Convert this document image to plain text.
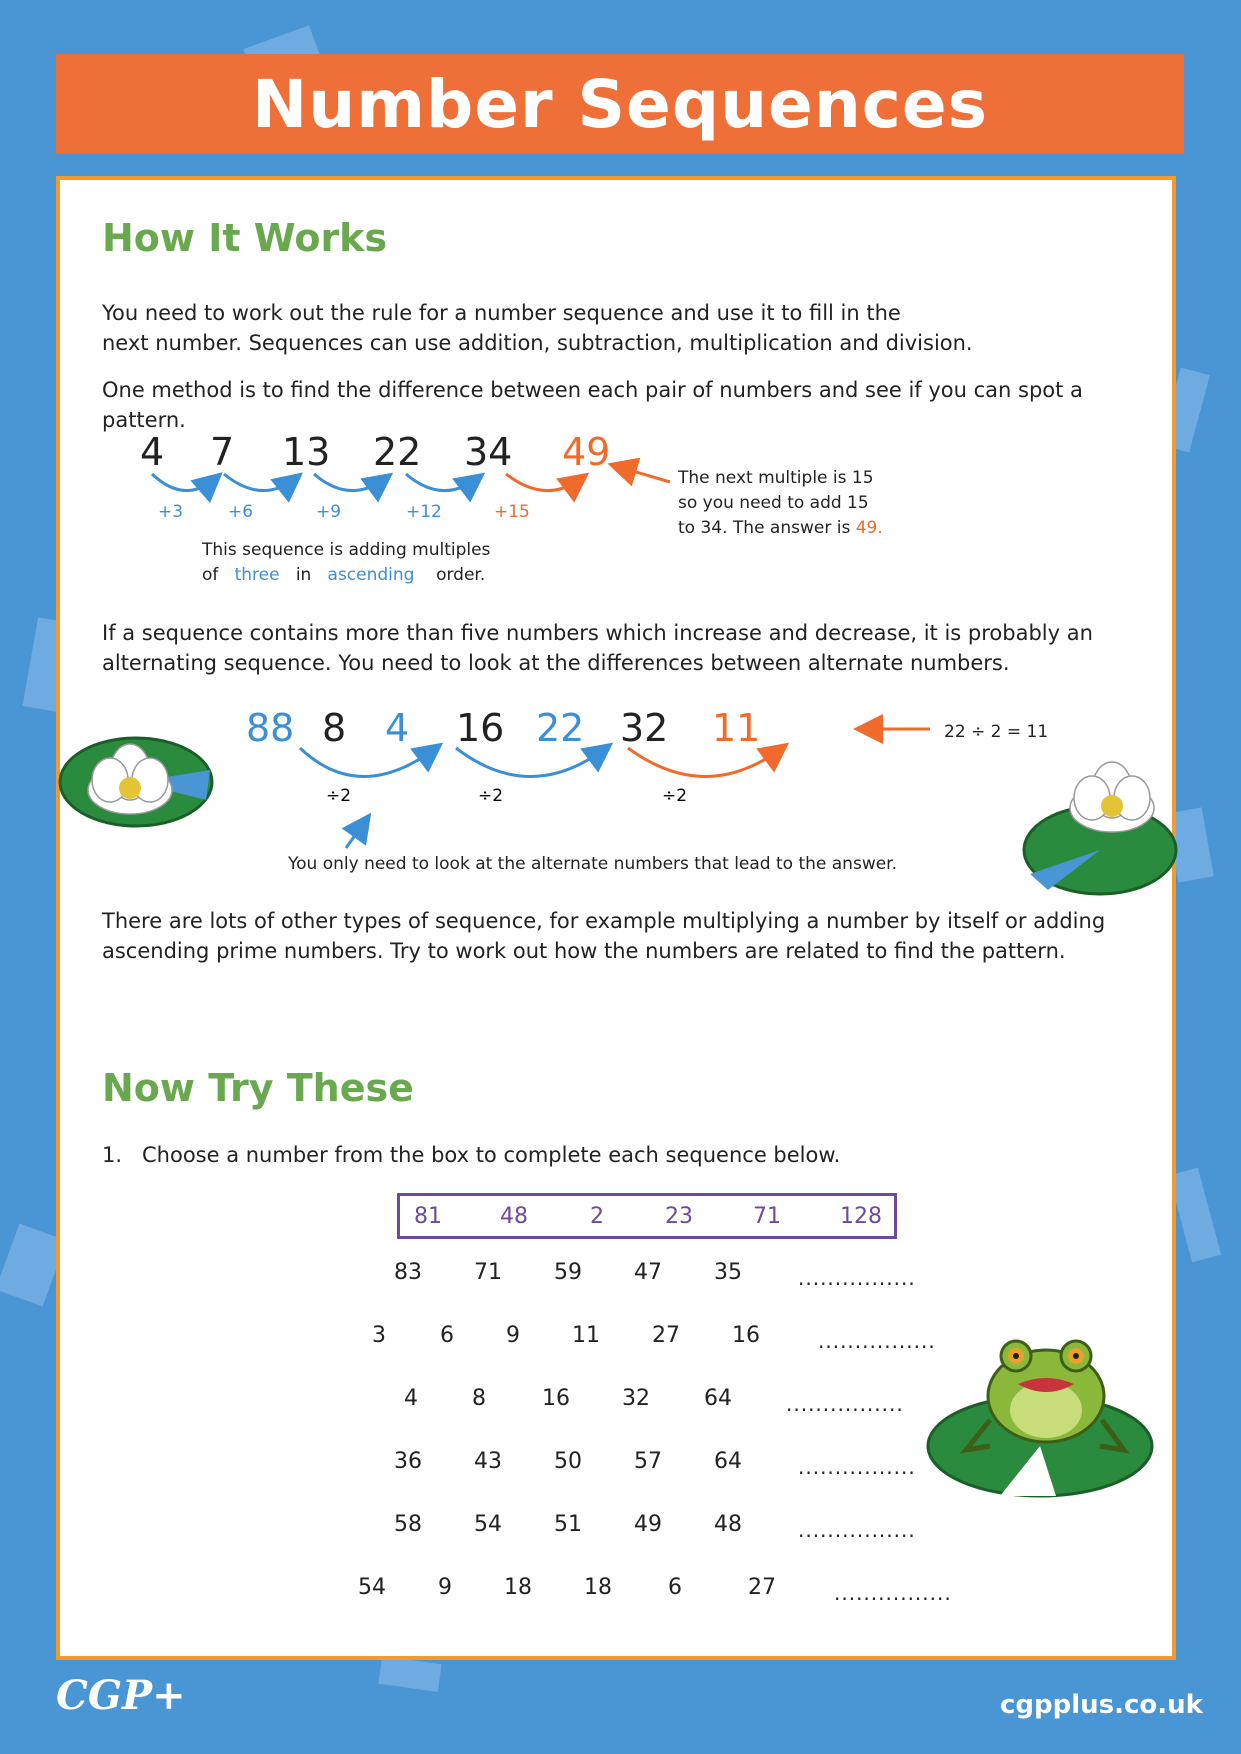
Number Sequences
How It Works

You need to work out the rule for a number sequence and use it to fill in the

next number. Sequences can use addition, subtraction, multiplication and division.

One method is to find the difference between each pair of numbers and see if you can spot a pattern.

4 7 13 22 34 49
+3	+6	+9	+12	+15
The next multiple is 15
so you need to add 15
to 34. The answer is 49.
This sequence is adding multiples
of three in ascending order.

If a sequence contains more than five numbers which increase and decrease, it is probably an

alternating sequence. You need to look at the differences between alternate numbers.

88 8 4 16 22 32 11
÷2	÷2	÷2
22 ÷ 2 = 11
You only need to look at the alternate numbers that lead to the answer.

There are lots of other types of sequence, for example multiplying a number by itself or adding

ascending prime numbers. Try to work out how the numbers are related to find the pattern.

Now Try These
1. Choose a number from the box to complete each sequence below.
81	48	2	23	71	128
83 71 59 47 35	................
3 6 9 11 27 16	................
4 8	16 32 64	................
36 43 50 57 64	................
58 54 51 49 48	................
54 9 18 18	6	27	................
CGP+	cgpplus.co.uk
